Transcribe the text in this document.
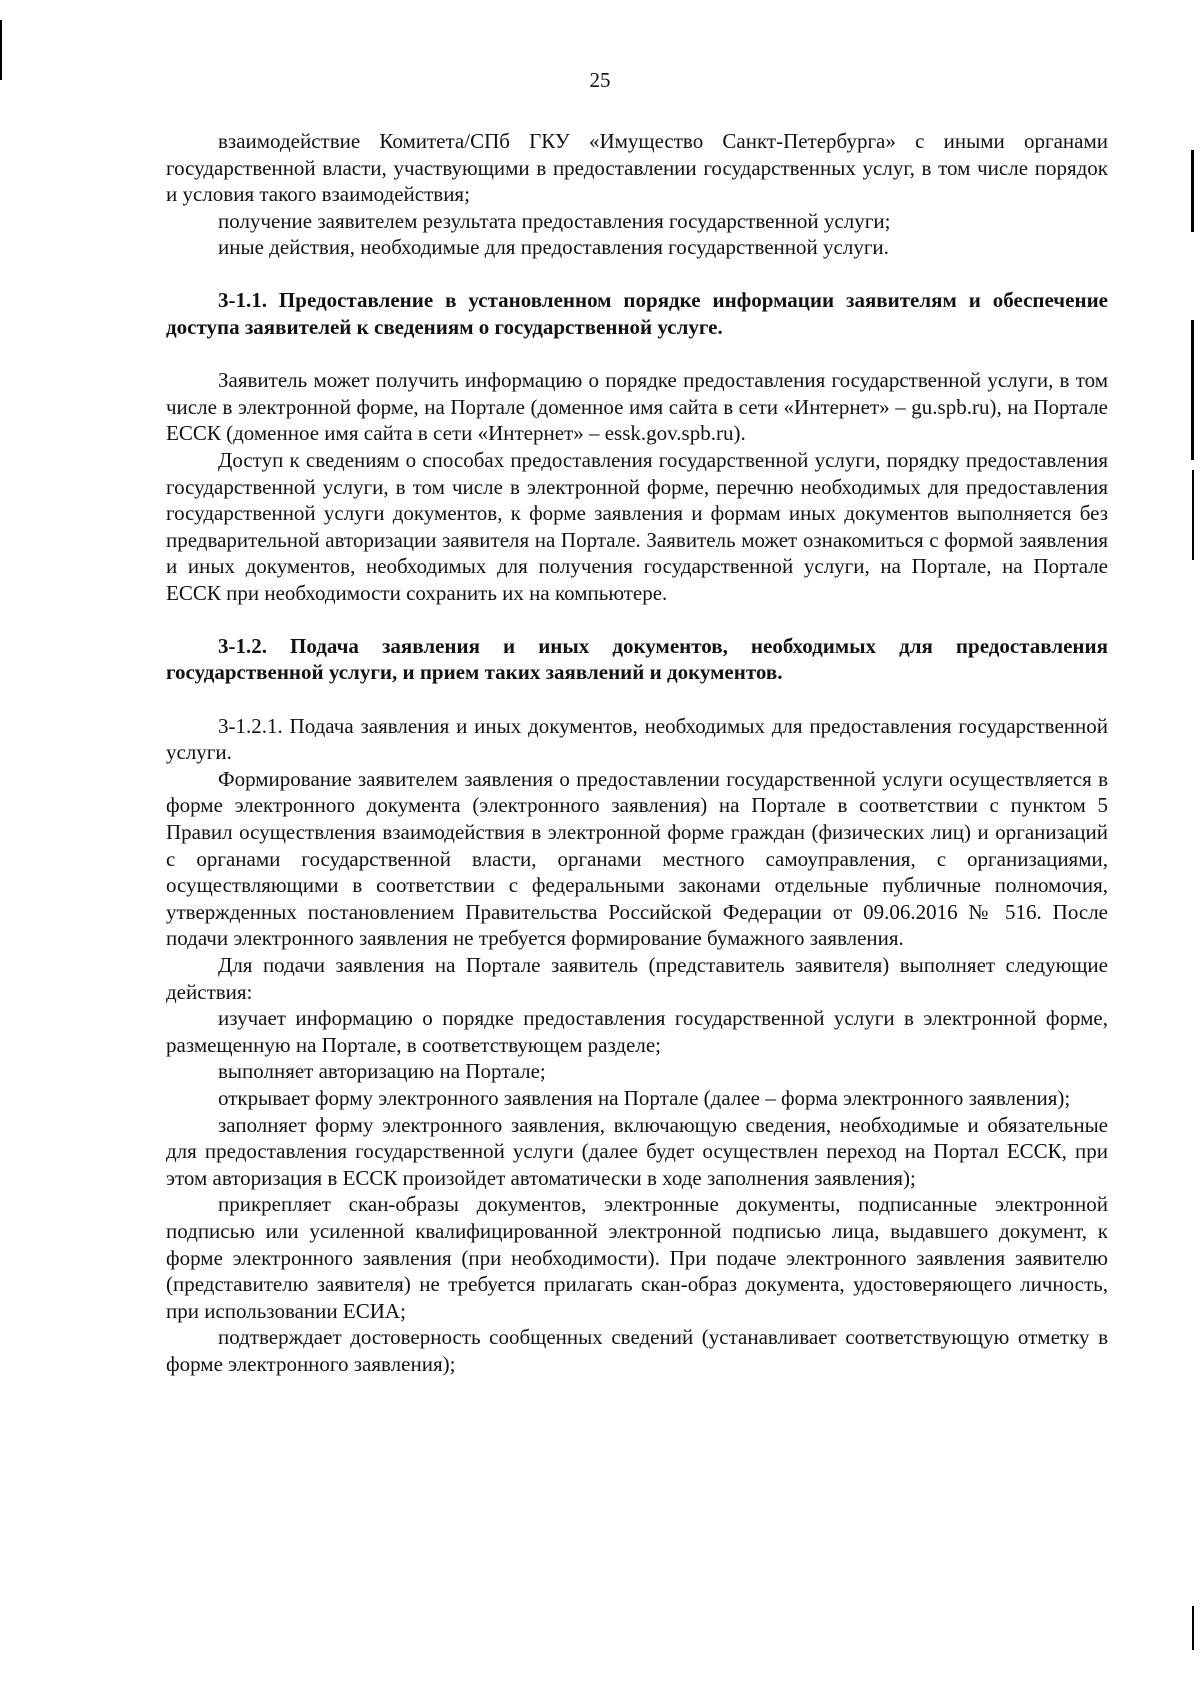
25

взаимодействие Комитета/СПб ГКУ «Имущество Санкт-Петербурга» с иными органами государственной власти, участвующими в предоставлении государственных услуг, в том числе порядок и условия такого взаимодействия;

получение заявителем результата предоставления государственной услуги;

иные действия, необходимые для предоставления государственной услуги.

3-1.1. Предоставление в установленном порядке информации заявителям и обеспечение доступа заявителей к сведениям о государственной услуге.

Заявитель может получить информацию о порядке предоставления государственной услуги, в том числе в электронной форме, на Портале (доменное имя сайта в сети «Интернет» – gu.spb.ru), на Портале ЕССК (доменное имя сайта в сети «Интернет» – essk.gov.spb.ru).

Доступ к сведениям о способах предоставления государственной услуги, порядку предоставления государственной услуги, в том числе в электронной форме, перечню необходимых для предоставления государственной услуги документов, к форме заявления и формам иных документов выполняется без предварительной авторизации заявителя на Портале. Заявитель может ознакомиться с формой заявления и иных документов, необходимых для получения государственной услуги, на Портале, на Портале ЕССК при необходимости сохранить их на компьютере.

3-1.2. Подача заявления и иных документов, необходимых для предоставления государственной услуги, и прием таких заявлений и документов.

3-1.2.1. Подача заявления и иных документов, необходимых для предоставления государственной услуги.

Формирование заявителем заявления о предоставлении государственной услуги осуществляется в форме электронного документа (электронного заявления) на Портале в соответствии с пунктом 5 Правил осуществления взаимодействия в электронной форме граждан (физических лиц) и организаций с органами государственной власти, органами местного самоуправления, с организациями, осуществляющими в соответствии с федеральными законами отдельные публичные полномочия, утвержденных постановлением Правительства Российской Федерации от 09.06.2016 № 516. После подачи электронного заявления не требуется формирование бумажного заявления.

Для подачи заявления на Портале заявитель (представитель заявителя) выполняет следующие действия:

изучает информацию о порядке предоставления государственной услуги в электронной форме, размещенную на Портале, в соответствующем разделе;

выполняет авторизацию на Портале;

открывает форму электронного заявления на Портале (далее – форма электронного заявления);

заполняет форму электронного заявления, включающую сведения, необходимые и обязательные для предоставления государственной услуги (далее будет осуществлен переход на Портал ЕССК, при этом авторизация в ЕССК произойдет автоматически в ходе заполнения заявления);

прикрепляет скан-образы документов, электронные документы, подписанные электронной подписью или усиленной квалифицированной электронной подписью лица, выдавшего документ, к форме электронного заявления (при необходимости). При подаче электронного заявления заявителю (представителю заявителя) не требуется прилагать скан-образ документа, удостоверяющего личность, при использовании ЕСИА;

подтверждает достоверность сообщенных сведений (устанавливает соответствующую отметку в форме электронного заявления);
